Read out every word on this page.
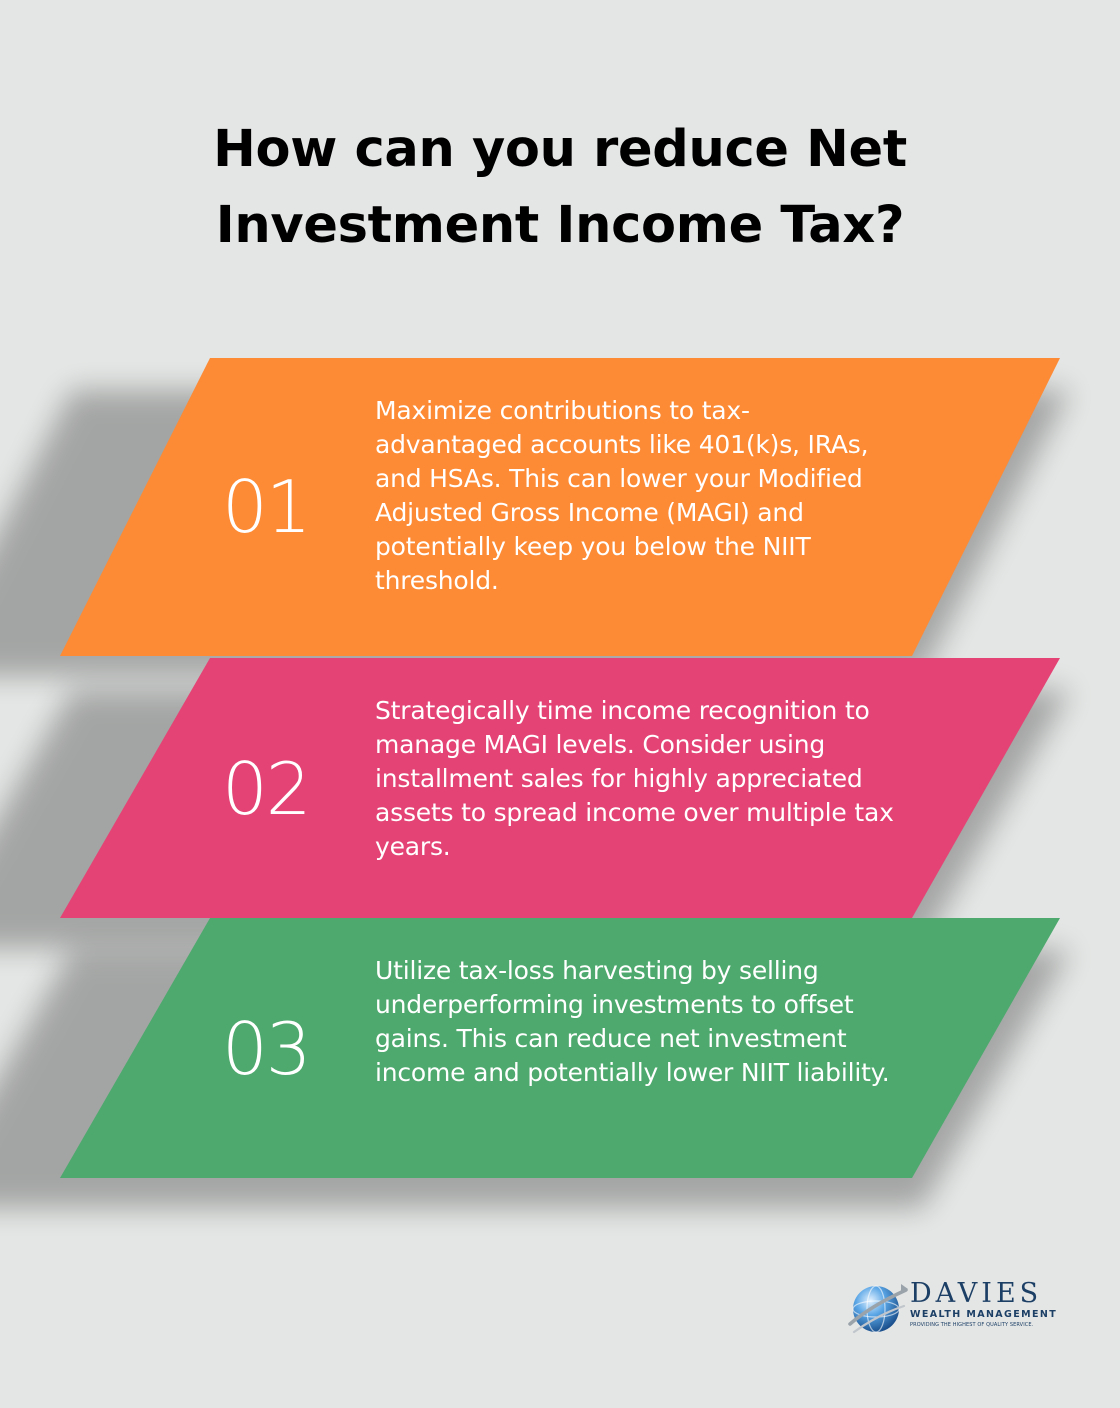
How can you reduce Net Investment Income Tax?
01

Maximize contributions to tax-advantaged accounts like 401(k)s, IRAs, and HSAs. This can lower your Modified Adjusted Gross Income (MAGI) and potentially keep you below the NIIT threshold.

02

Strategically time income recognition to manage MAGI levels. Consider using installment sales for highly appreciated assets to spread income over multiple tax years.

03

Utilize tax-loss harvesting by selling underperforming investments to offset gains. This can reduce net investment income and potentially lower NIIT liability.

DAVIES
WEALTH MANAGEMENT
PROVIDING THE HIGHEST OF QUALITY SERVICE.
